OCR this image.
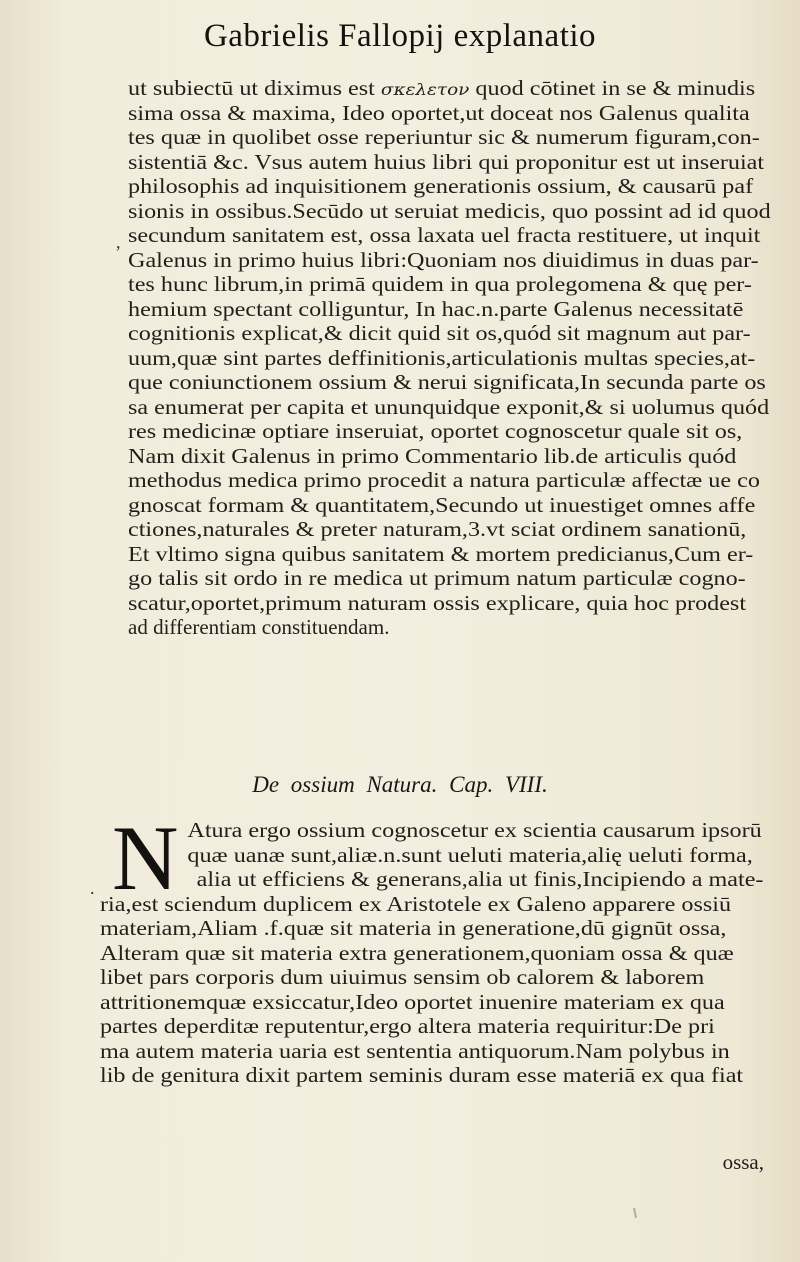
Gabrielis Fallopij explanatio
,
ut subiectū ut diximus est σκελετον quod cōtinet in se & minudis
sima ossa & maxima, Ideo oportet,ut doceat nos Galenus qualita
tes quæ in quolibet osse reperiuntur sic & numerum figuram,con-
sistentiā &c. Vsus autem huius libri qui proponitur est ut inseruiat
philosophis ad inquisitionem generationis ossium, & causarū paf
sionis in ossibus.Secūdo ut seruiat medicis, quo possint ad id quod
secundum sanitatem est, ossa laxata uel fracta restituere, ut inquit
Galenus in primo huius libri:Quoniam nos diuidimus in duas par-
tes hunc librum,in primā quidem in qua prolegomena & quę per-
hemium spectant colliguntur, In hac.n.parte Galenus necessitatē
cognitionis explicat,& dicit quid sit os,quód sit magnum aut par-
uum,quæ sint partes deffinitionis,articulationis multas species,at-
que coniunctionem ossium & nerui significata,In secunda parte os
sa enumerat per capita et ununquidque exponit,& si uolumus quód
res medicinæ optiare inseruiat, oportet cognoscetur quale sit os,
Nam dixit Galenus in primo Commentario lib.de articulis quód
methodus medica primo procedit a natura particulæ affectæ ue co
gnoscat formam & quantitatem,Secundo ut inuestiget omnes affe
ctiones,naturales & preter naturam,3.vt sciat ordinem sanationū,
Et vltimo signa quibus sanitatem & mortem predicianus,Cum er-
go talis sit ordo in re medica ut primum natum particulæ cogno-
scatur,oportet,primum naturam ossis explicare, quia hoc prodest
ad differentiam constituendam.
De ossium Natura. Cap. VIII.
N
.
Atura ergo ossium cognoscetur ex scientia causarum ipsorū
quæ uanæ sunt,aliæ.n.sunt ueluti materia,alię ueluti forma,
alia ut efficiens & generans,alia ut finis,Incipiendo a mate-
ria,est sciendum duplicem ex Aristotele ex Galeno apparere ossiū
materiam,Aliam .f.quæ sit materia in generatione,dū gignūt ossa,
Alteram quæ sit materia extra generationem,quoniam ossa & quæ
libet pars corporis dum uiuimus sensim ob calorem & laborem
attritionemquæ exsiccatur,Ideo oportet inuenire materiam ex qua
partes deperditæ reputentur,ergo altera materia requiritur:De pri
ma autem materia uaria est sententia antiquorum.Nam polybus in
lib de genitura dixit partem seminis duram esse materiā ex qua fiat
ossa,
